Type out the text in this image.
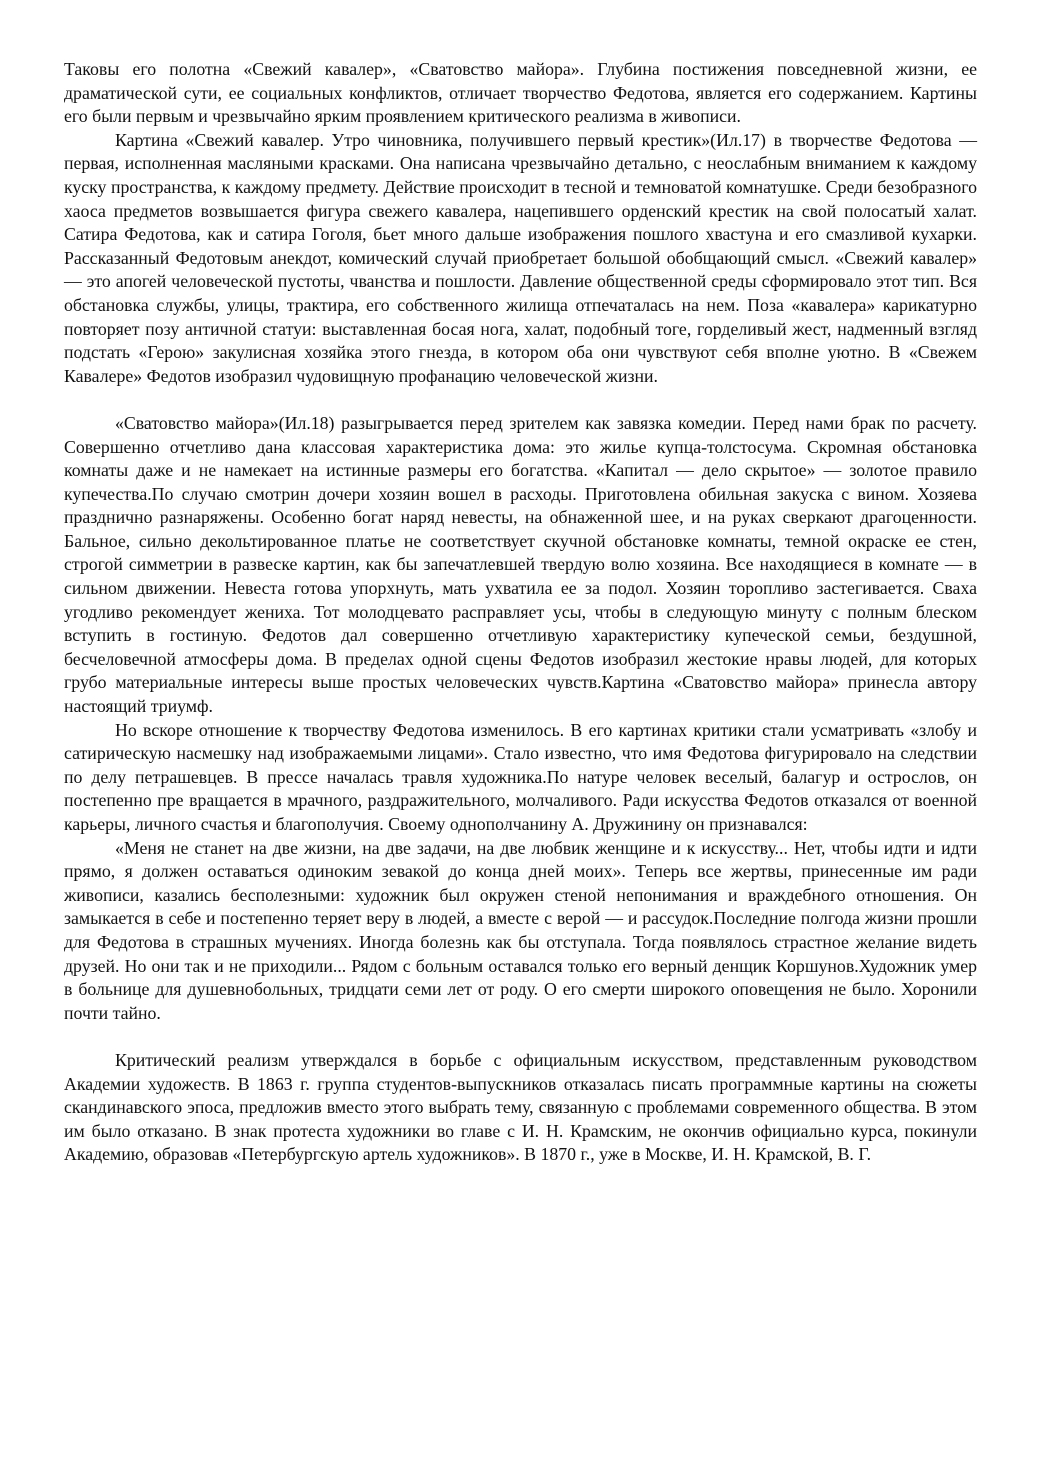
Таковы его полотна «Свежий кавалер», «Сватовство майора». Глубина постижения повседневной жизни, ее драматической сути, ее социальных конфликтов, отличает творчество Федотова, является его содержанием. Картины его были первым и чрезвычайно ярким проявлением критического реализма в живописи.

Картина «Свежий кавалер. Утро чиновника, получившего первый крестик»(Ил.17) в творчестве Федотова — первая, исполненная масляными красками. Она написана чрезвычайно детально, с неослабным вниманием к каждому куску пространства, к каждому предмету. Действие происходит в тесной и темноватой комнатушке. Среди безобразного хаоса предметов возвышается фигура свежего кавалера, нацепившего орденский крестик на свой полосатый халат. Сатира Федотова, как и сатира Гоголя, бьет много дальше изображения пошлого хвастуна и его смазливой кухарки. Рассказанный Федотовым анекдот, комический случай приобретает большой обобщающий смысл. «Свежий кавалер» — это апогей человеческой пустоты, чванства и пошлости. Давление общественной среды сформировало этот тип. Вся обстановка службы, улицы, трактира, его собственного жилища отпечаталась на нем. Поза «кавалера» карикатурно повторяет позу античной статуи: выставленная босая нога, халат, подобный тоге, горделивый жест, надменный взгляд подстать «Герою» закулисная хозяйка этого гнезда, в котором оба они чувствуют себя вполне уютно. В «Свежем Кавалере» Федотов изобразил чудовищную профанацию человеческой жизни.

«Сватовство майора»(Ил.18) разыгрывается перед зрителем как завязка комедии. Перед нами брак по расчету. Совершенно отчетливо дана классовая характеристика дома: это жилье купца-толстосума. Скромная обстановка комнаты даже и не намекает на истинные размеры его богатства. «Капитал — дело скрытое» — золотое правило купечества.По случаю смотрин дочери хозяин вошел в расходы. Приготовлена обильная закуска с вином. Хозяева празднично разнаряжены. Особенно богат наряд невесты, на обнаженной шее, и на руках сверкают драгоценности. Бальное, сильно декольтированное платье не соответствует скучной обстановке комнаты, темной окраске ее стен, строгой симметрии в развеске картин, как бы запечатлевшей твердую волю хозяина. Все находящиеся в комнате — в сильном движении. Невеста готова упорхнуть, мать ухватила ее за подол. Хозяин торопливо застегивается. Сваха угодливо рекомендует жениха. Тот молодцевато расправляет усы, чтобы в следующую минуту с полным блеском вступить в гостиную. Федотов дал совершенно отчетливую характеристику купеческой семьи, бездушной, бесчеловечной атмосферы дома. В пределах одной сцены Федотов изобразил жестокие нравы людей, для которых грубо материальные интересы выше простых человеческих чувств.Картина «Сватовство майора» принесла автору настоящий триумф.

Но вскоре отношение к творчеству Федотова изменилось. В его картинах критики стали усматривать «злобу и сатирическую насмешку над изображаемыми лицами». Стало известно, что имя Федотова фигурировало на следствии по делу петрашевцев. В прессе началась травля художника.По натуре человек веселый, балагур и острослов, он постепенно пре вращается в мрачного, раздражительного, молчаливого. Ради искусства Федотов отказался от военной карьеры, личного счастья и благополучия. Своему однополчанину А. Дружинину он признавался:

«Меня не станет на две жизни, на две задачи, на две любвик женщине и к искусству... Нет, чтобы идти и идти прямо, я должен оставаться одиноким зевакой до конца дней моих». Теперь все жертвы, принесенные им ради живописи, казались бесполезными: художник был окружен стеной непонимания и враждебного отношения. Он замыкается в себе и постепенно теряет веру в людей, а вместе с верой — и рассудок.Последние полгода жизни прошли для Федотова в страшных мучениях. Иногда болезнь как бы отступала. Тогда появлялось страстное желание видеть друзей. Но они так и не приходили... Рядом с больным оставался только его верный денщик Коршунов.Художник умер в больнице для душевнобольных, тридцати семи лет от роду. О его смерти широкого оповещения не было. Хоронили почти тайно.

Критический реализм утверждался в борьбе с официальным искусством, представленным руководством Академии художеств. В 1863 г. группа студентов-выпускников отказалась писать программные картины на сюжеты скандинавского эпоса, предложив вместо этого выбрать тему, связанную с проблемами современного общества. В этом им было отказано. В знак протеста художники во главе с И. Н. Крамским, не окончив официально курса, покинули Академию, образовав «Петербургскую артель художников». В 1870 г., уже в Москве, И. Н. Крамской, В. Г.
